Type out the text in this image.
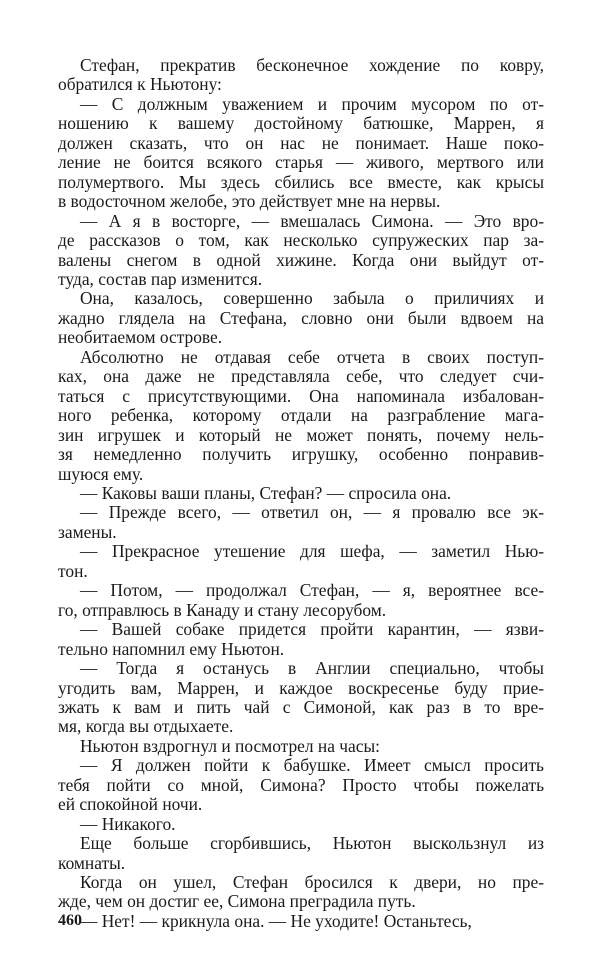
Стефан, прекратив бесконечное хождение по ковру,
обратился к Ньютону:
— С должным уважением и прочим мусором по от-
ношению к вашему достойному батюшке, Маррен, я
должен сказать, что он нас не понимает. Наше поко-
ление не боится всякого старья — живого, мертвого или
полумертвого. Мы здесь сбились все вместе, как крысы
в водосточном желобе, это действует мне на нервы.
— А я в восторге, — вмешалась Симона. — Это вро-
де рассказов о том, как несколько супружеских пар за-
валены снегом в одной хижине. Когда они выйдут от-
туда, состав пар изменится.
Она, казалось, совершенно забыла о приличиях и
жадно глядела на Стефана, словно они были вдвоем на
необитаемом острове.
Абсолютно не отдавая себе отчета в своих поступ-
ках, она даже не представляла себе, что следует счи-
таться с присутствующими. Она напоминала избалован-
ного ребенка, которому отдали на разграбление мага-
зин игрушек и который не может понять, почему нель-
зя немедленно получить игрушку, особенно понравив-
шуюся ему.
— Каковы ваши планы, Стефан? — спросила она.
— Прежде всего, — ответил он, — я провалю все эк-
замены.
— Прекрасное утешение для шефа, — заметил Нью-
тон.
— Потом, — продолжал Стефан, — я, вероятнее все-
го, отправлюсь в Канаду и стану лесорубом.
— Вашей собаке придется пройти карантин, — язви-
тельно напомнил ему Ньютон.
— Тогда я останусь в Англии специально, чтобы
угодить вам, Маррен, и каждое воскресенье буду прие-
зжать к вам и пить чай с Симоной, как раз в то вре-
мя, когда вы отдыхаете.
Ньютон вздрогнул и посмотрел на часы:
— Я должен пойти к бабушке. Имеет смысл просить
тебя пойти со мной, Симона? Просто чтобы пожелать
ей спокойной ночи.
— Никакого.
Еще больше сгорбившись, Ньютон выскользнул из
комнаты.
Когда он ушел, Стефан бросился к двери, но пре-
жде, чем он достиг ее, Симона преградила путь.
— Нет! — крикнула она. — Не уходите! Останьтесь,
460
